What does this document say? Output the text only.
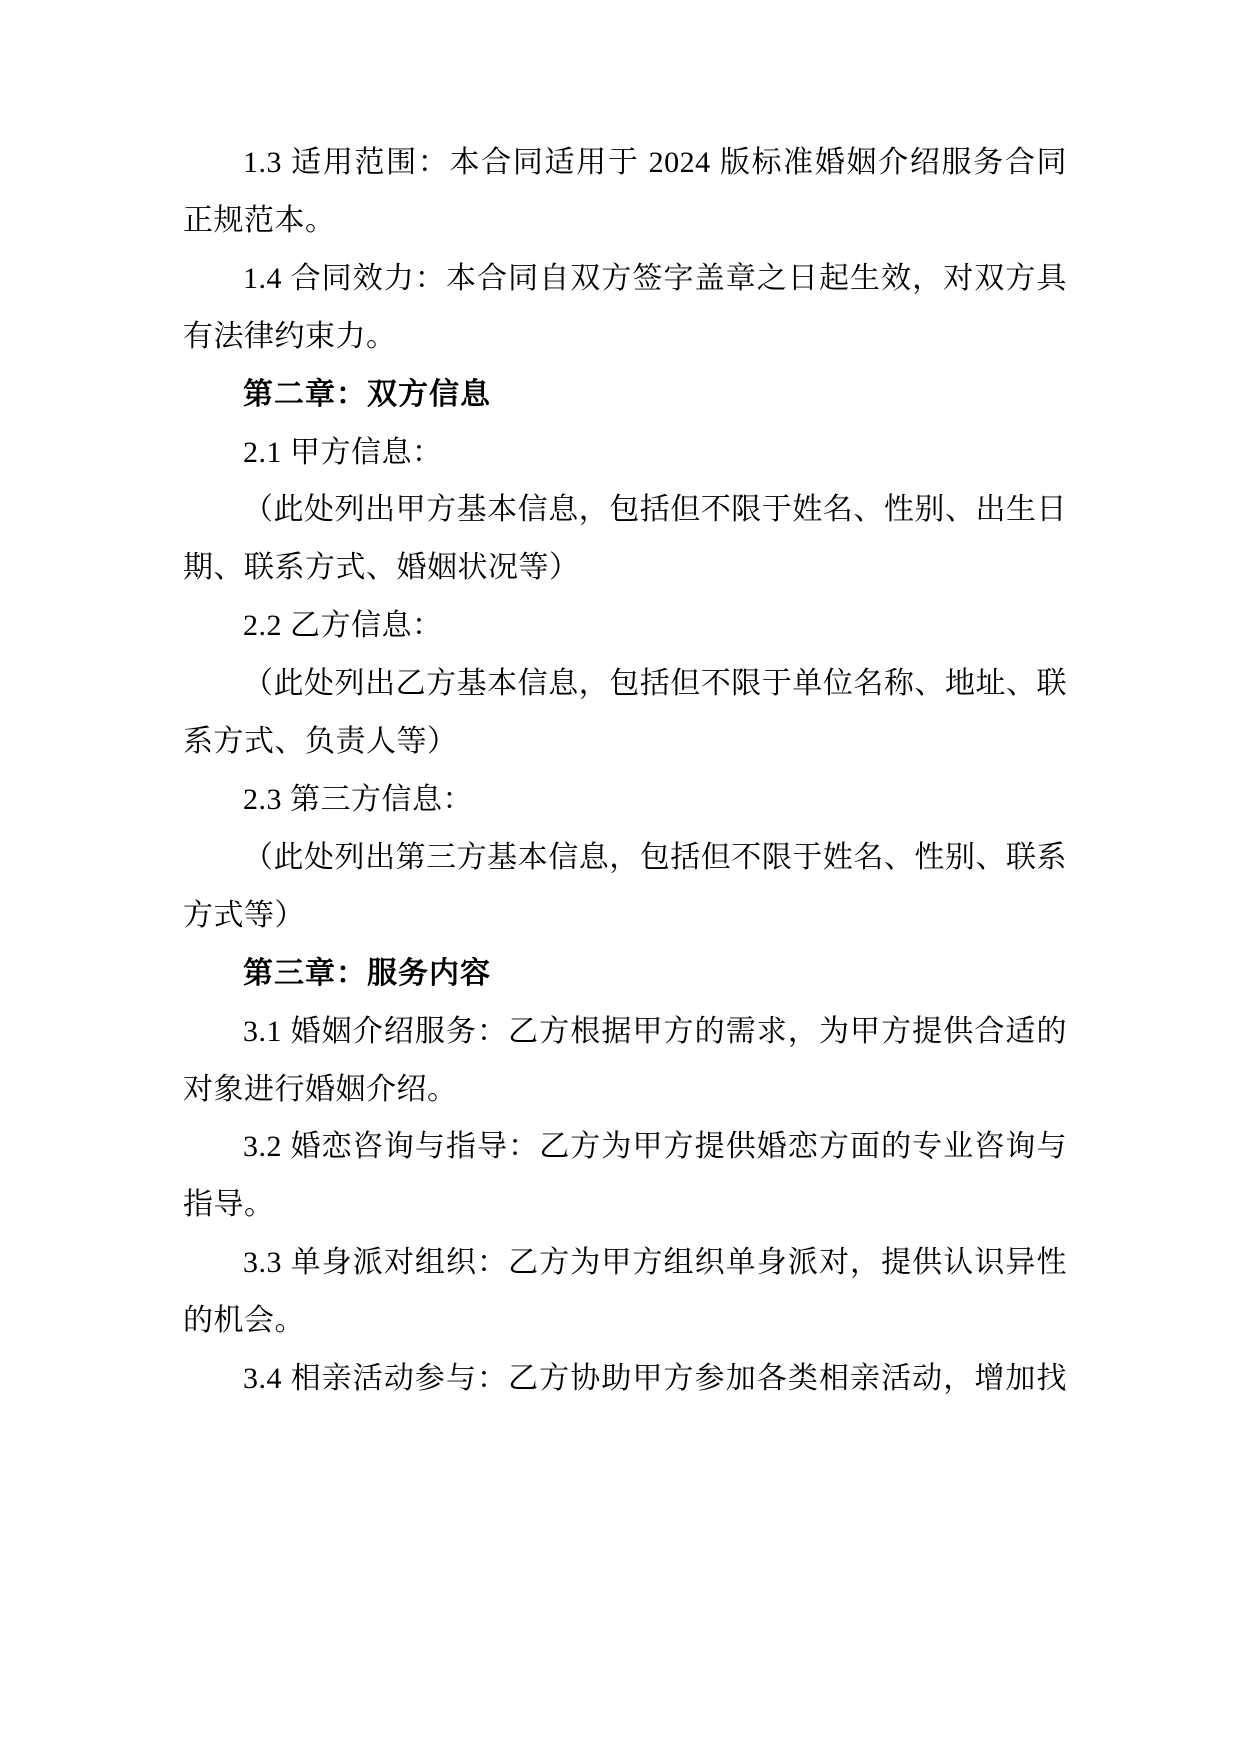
1.3 适用范围：本合同适用于 2024 版标准婚姻介绍服务合同正规范本。

1.4 合同效力：本合同自双方签字盖章之日起生效，对双方具有法律约束力。

第二章：双方信息

2.1 甲方信息：

（此处列出甲方基本信息，包括但不限于姓名、性别、出生日期、联系方式、婚姻状况等）

2.2 乙方信息：

（此处列出乙方基本信息，包括但不限于单位名称、地址、联系方式、负责人等）

2.3 第三方信息：

（此处列出第三方基本信息，包括但不限于姓名、性别、联系方式等）

第三章：服务内容

3.1 婚姻介绍服务：乙方根据甲方的需求，为甲方提供合适的对象进行婚姻介绍。

3.2 婚恋咨询与指导：乙方为甲方提供婚恋方面的专业咨询与指导。

3.3 单身派对组织：乙方为甲方组织单身派对，提供认识异性的机会。

3.4 相亲活动参与：乙方协助甲方参加各类相亲活动，增加找
